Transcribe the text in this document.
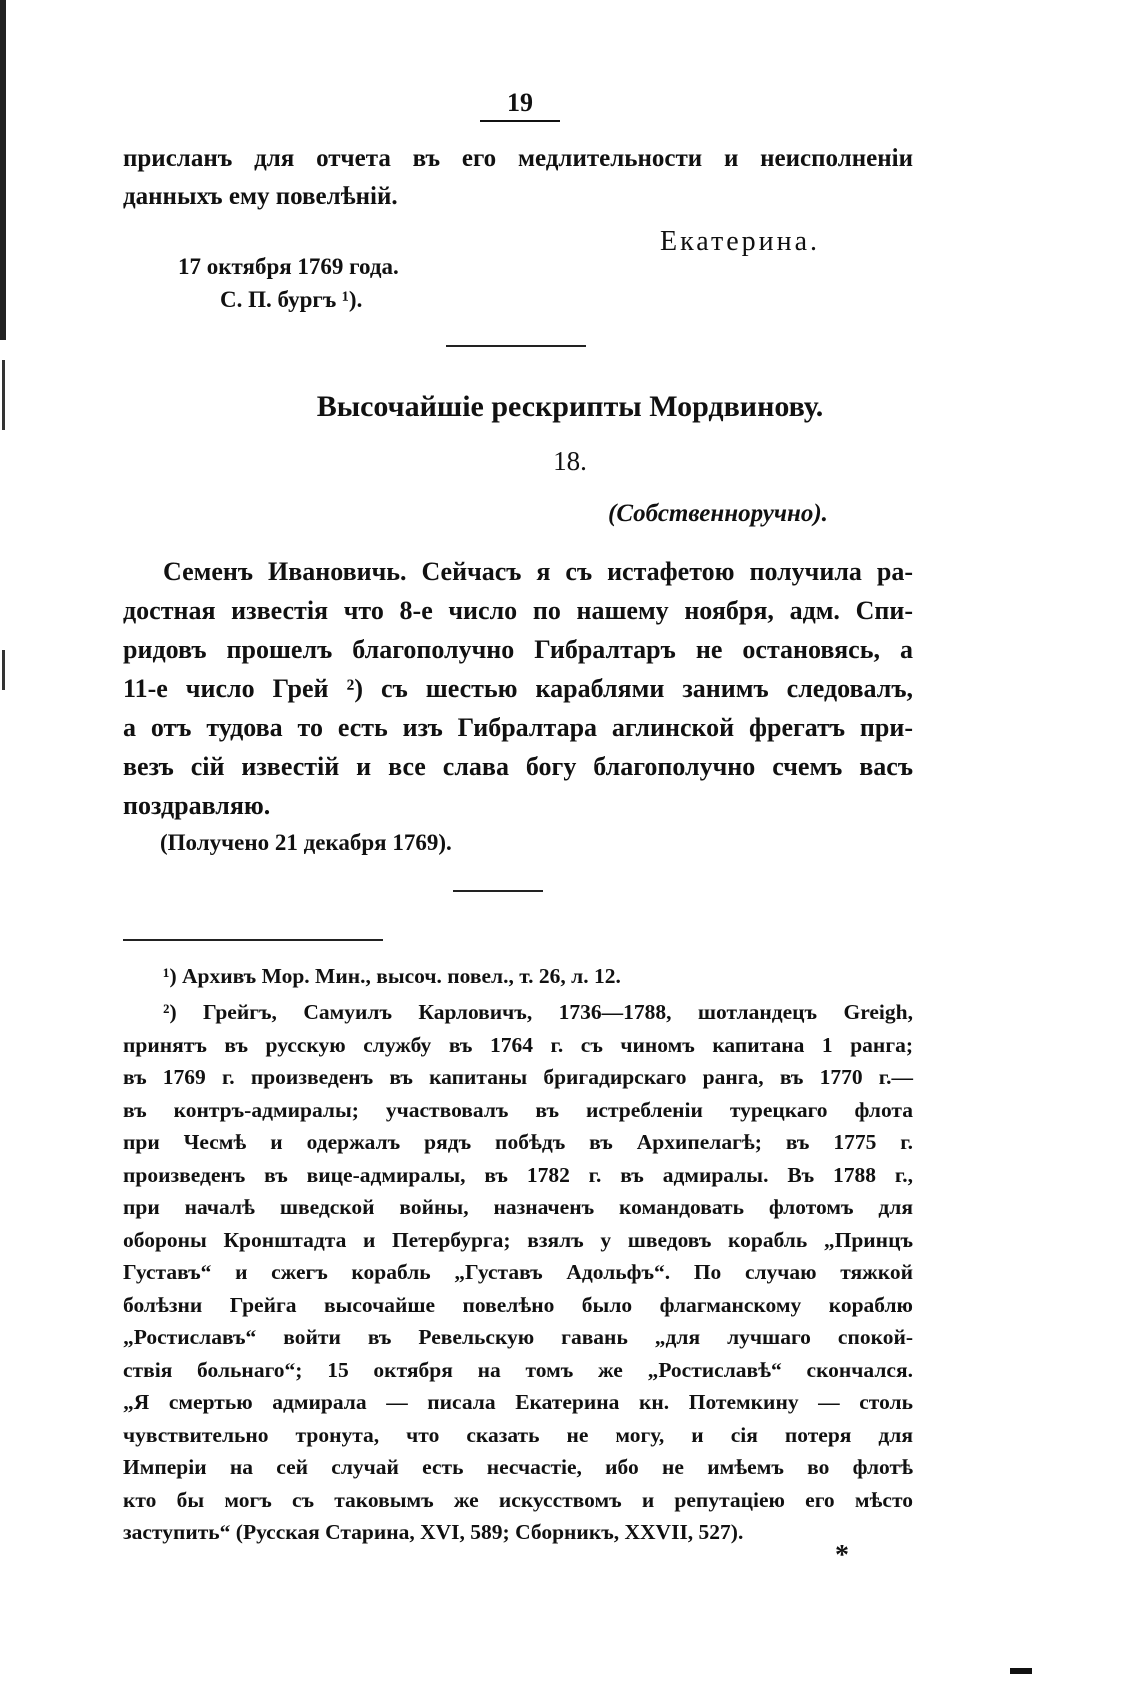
19
присланъ для отчета въ его медлительности и неисполненіи
данныхъ ему повелѣній.
Екатерина.
17 октября 1769 года.
С. П. бургъ ¹).
Высочайшіе рескрипты Мордвинову.
18.
(Собственноручно).
Семенъ Ивановичь. Сейчасъ я съ истафетою получила ра-
достная известія что 8-е число по нашему ноября, адм. Спи-
ридовъ прошелъ благополучно Гибралтаръ не остановясь, а
11-е число Грей ²) съ шестью караблями занимъ следовалъ,
а отъ тудова то есть изъ Гибралтара аглинской фрегатъ при-
везъ сій известій и все слава богу благополучно счемъ васъ
поздравляю.
(Получено 21 декабря 1769).
¹) Архивъ Мор. Мин., высоч. повел., т. 26, л. 12.
²) Грейгъ, Самуилъ Карловичъ, 1736—1788, шотландецъ Greigh,
принятъ въ русскую службу въ 1764 г. съ чиномъ капитана 1 ранга;
въ 1769 г. произведенъ въ капитаны бригадирскаго ранга, въ 1770 г.—
въ контръ-адмиралы; участвовалъ въ истребленіи турецкаго флота
при Чесмѣ и одержалъ рядъ побѣдъ въ Архипелагѣ; въ 1775 г.
произведенъ въ вице-адмиралы, въ 1782 г. въ адмиралы. Въ 1788 г.,
при началѣ шведской войны, назначенъ командовать флотомъ для
обороны Кронштадта и Петербурга; взялъ у шведовъ корабль „Принцъ
Густавъ“ и сжегъ корабль „Густавъ Адольфъ“. По случаю тяжкой
болѣзни Грейга высочайше повелѣно было флагманскому кораблю
„Ростиславъ“ войти въ Ревельскую гавань „для лучшаго спокой-
ствія больнаго“; 15 октября на томъ же „Ростиславѣ“ скончался.
„Я смертью адмирала — писала Екатерина кн. Потемкину — столь
чувствительно тронута, что сказать не могу, и сія потеря для
Имперіи на сей случай есть несчастіе, ибо не имѣемъ во флотѣ
кто бы могъ съ таковымъ же искусствомъ и репутаціею его мѣсто
заступить“ (Русская Старина, XVI, 589; Сборникъ, XXVII, 527).
*
